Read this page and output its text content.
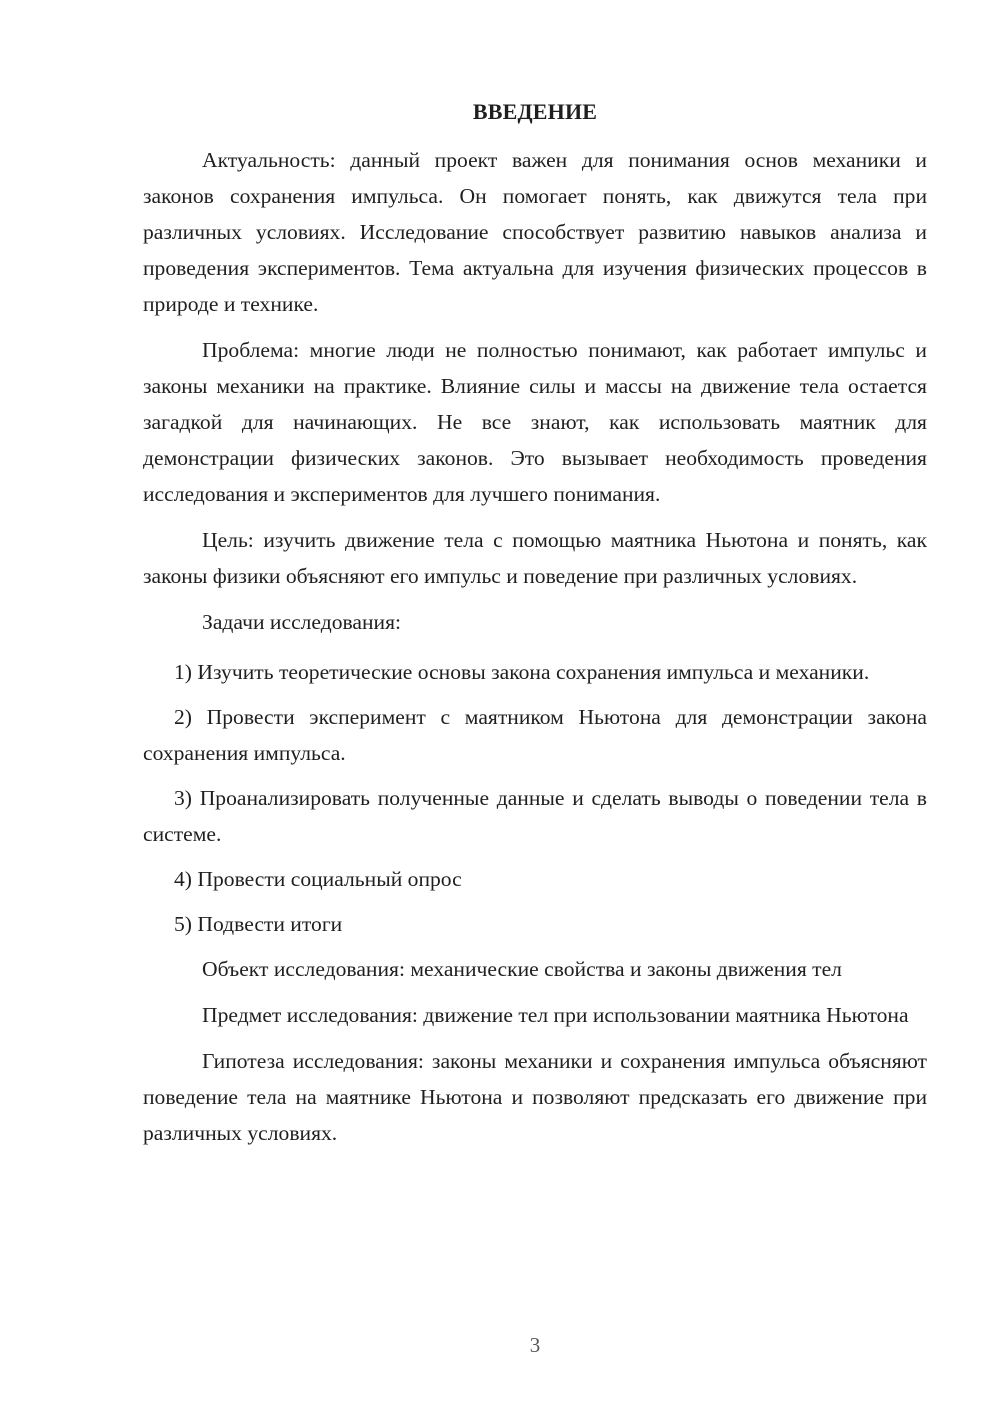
ВВЕДЕНИЕ

Актуальность: данный проект важен для понимания основ механики и законов сохранения импульса. Он помогает понять, как движутся тела при различных условиях. Исследование способствует развитию навыков анализа и проведения экспериментов. Тема актуальна для изучения физических процессов в природе и технике.

Проблема: многие люди не полностью понимают, как работает импульс и законы механики на практике. Влияние силы и массы на движение тела остается загадкой для начинающих. Не все знают, как использовать маятник для демонстрации физических законов. Это вызывает необходимость проведения исследования и экспериментов для лучшего понимания.

Цель: изучить движение тела с помощью маятника Ньютона и понять, как законы физики объясняют его импульс и поведение при различных условиях.

Задачи исследования:

1) Изучить теоретические основы закона сохранения импульса и механики.

2) Провести эксперимент с маятником Ньютона для демонстрации закона сохранения импульса.

3) Проанализировать полученные данные и сделать выводы о поведении тела в системе.

4) Провести социальный опрос

5) Подвести итоги

Объект исследования: механические свойства и законы движения тел

Предмет исследования: движение тел при использовании маятника Ньютона

Гипотеза исследования: законы механики и сохранения импульса объясняют поведение тела на маятнике Ньютона и позволяют предсказать его движение при различных условиях.

3
